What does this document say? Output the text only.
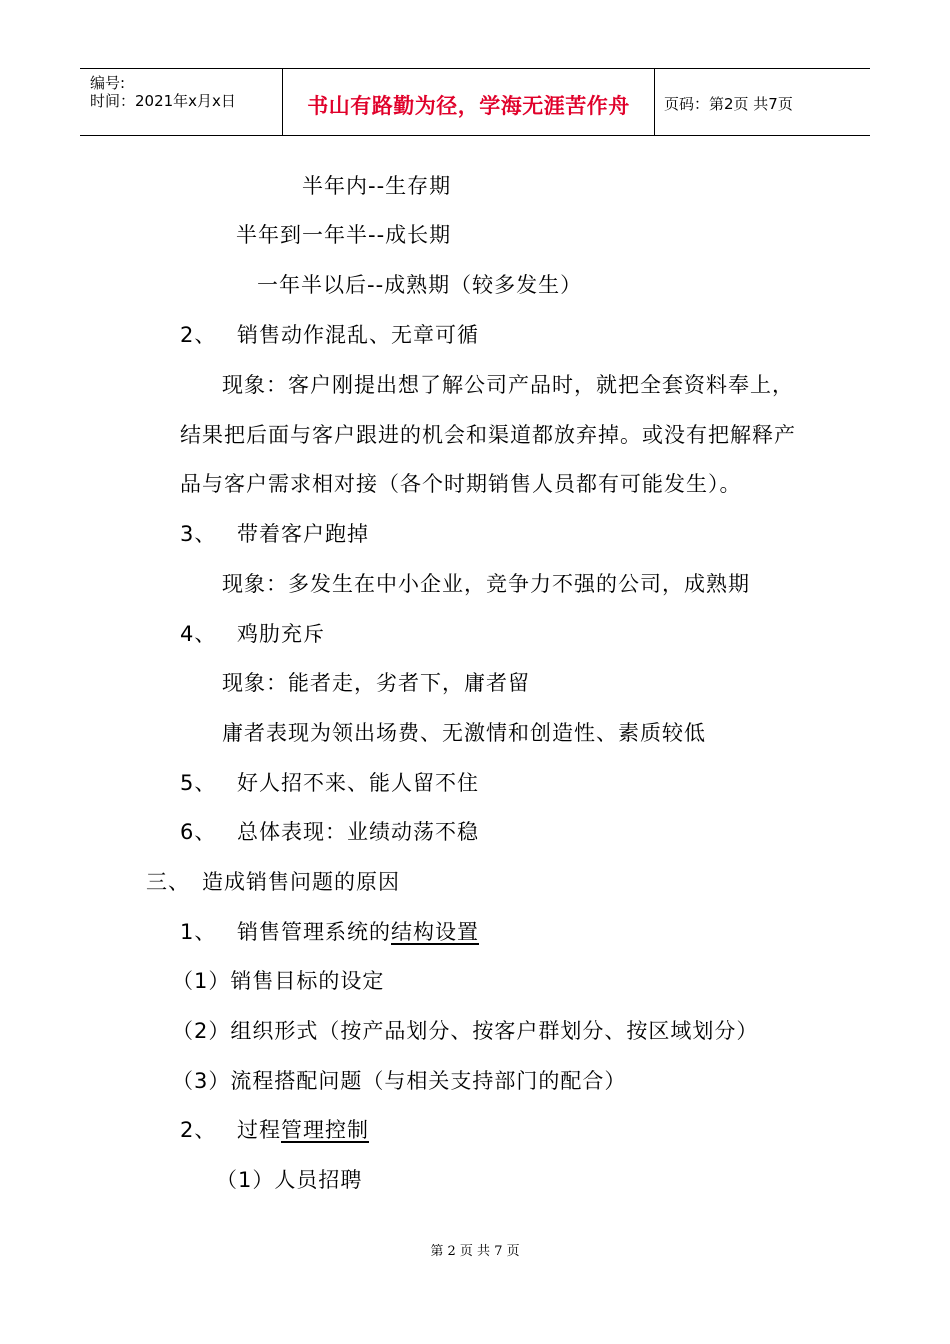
编号:
时间：2021年x月x日	书山有路勤为径，学海无涯苦作舟	页码：第2页 共7页
半年内--生存期
半年到一年半--成长期
一年半以后--成熟期（较多发生）
2、 销售动作混乱、无章可循
现象：客户刚提出想了解公司产品时，就把全套资料奉上，
结果把后面与客户跟进的机会和渠道都放弃掉。或没有把解释产
品与客户需求相对接（各个时期销售人员都有可能发生）。
3、 带着客户跑掉
现象：多发生在中小企业，竞争力不强的公司，成熟期
4、 鸡肋充斥
现象：能者走，劣者下，庸者留
庸者表现为领出场费、无激情和创造性、素质较低
5、 好人招不来、能人留不住
6、 总体表现：业绩动荡不稳
三、 造成销售问题的原因
1、 销售管理系统的结构设置
（1）销售目标的设定
（2）组织形式（按产品划分、按客户群划分、按区域划分）
（3）流程搭配问题（与相关支持部门的配合）
2、 过程管理控制
（1）人员招聘
第 2 页 共 7 页
